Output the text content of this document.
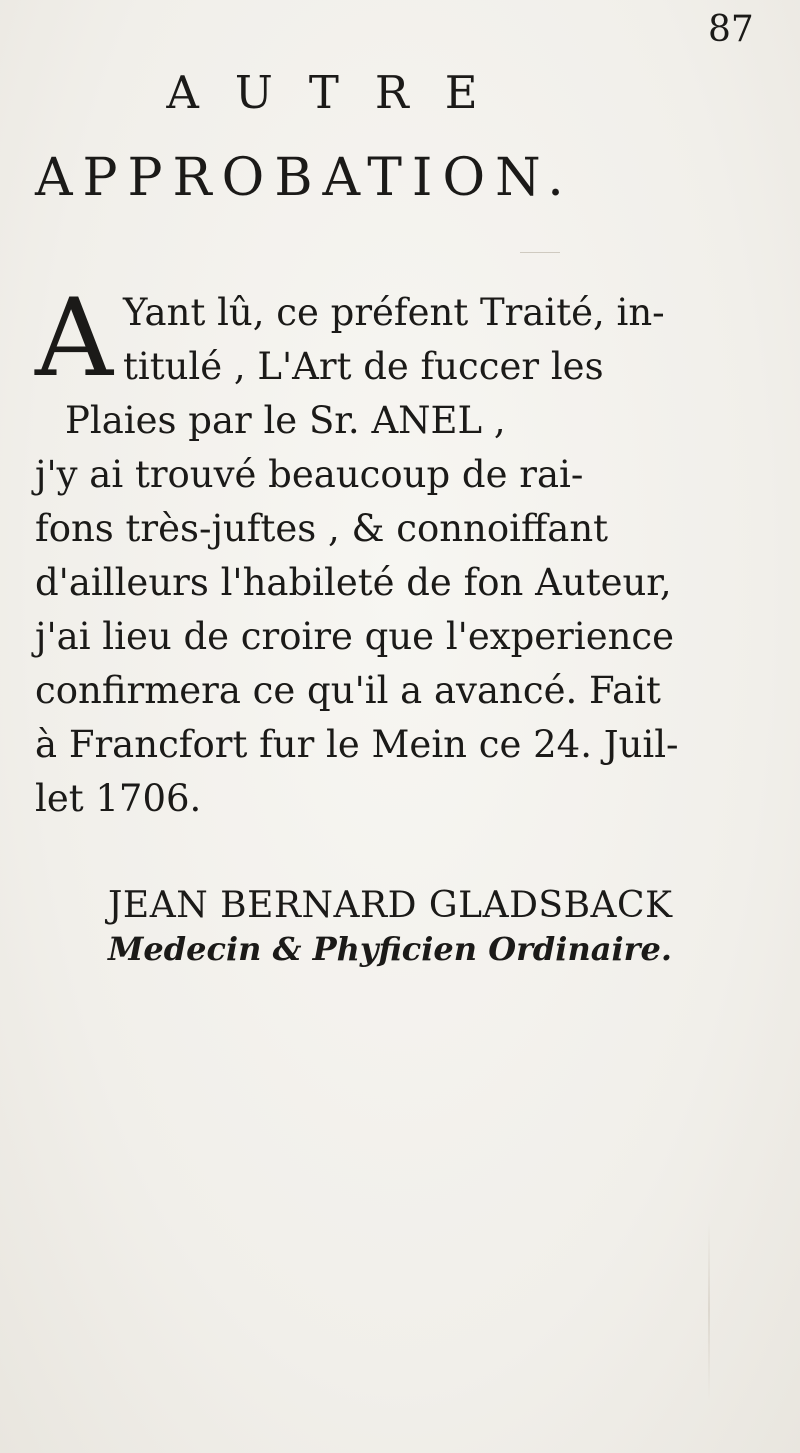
87
AUTRE
APPROBATION.
A Yant lû, ce préfent Traité, in-
titulé , L'Art de fuccer les
Plaies par le Sr. ANEL ,
j'y ai trouvé beaucoup de rai-
fons très-juftes , & connoiffant
d'ailleurs l'habileté de fon Auteur,
j'ai lieu de croire que l'experience
confirmera ce qu'il a avancé. Fait
à Francfort fur le Mein ce 24. Juil-
let 1706.
JEAN BERNARD GLADSBACK
Medecin & Phyficien Ordinaire.
